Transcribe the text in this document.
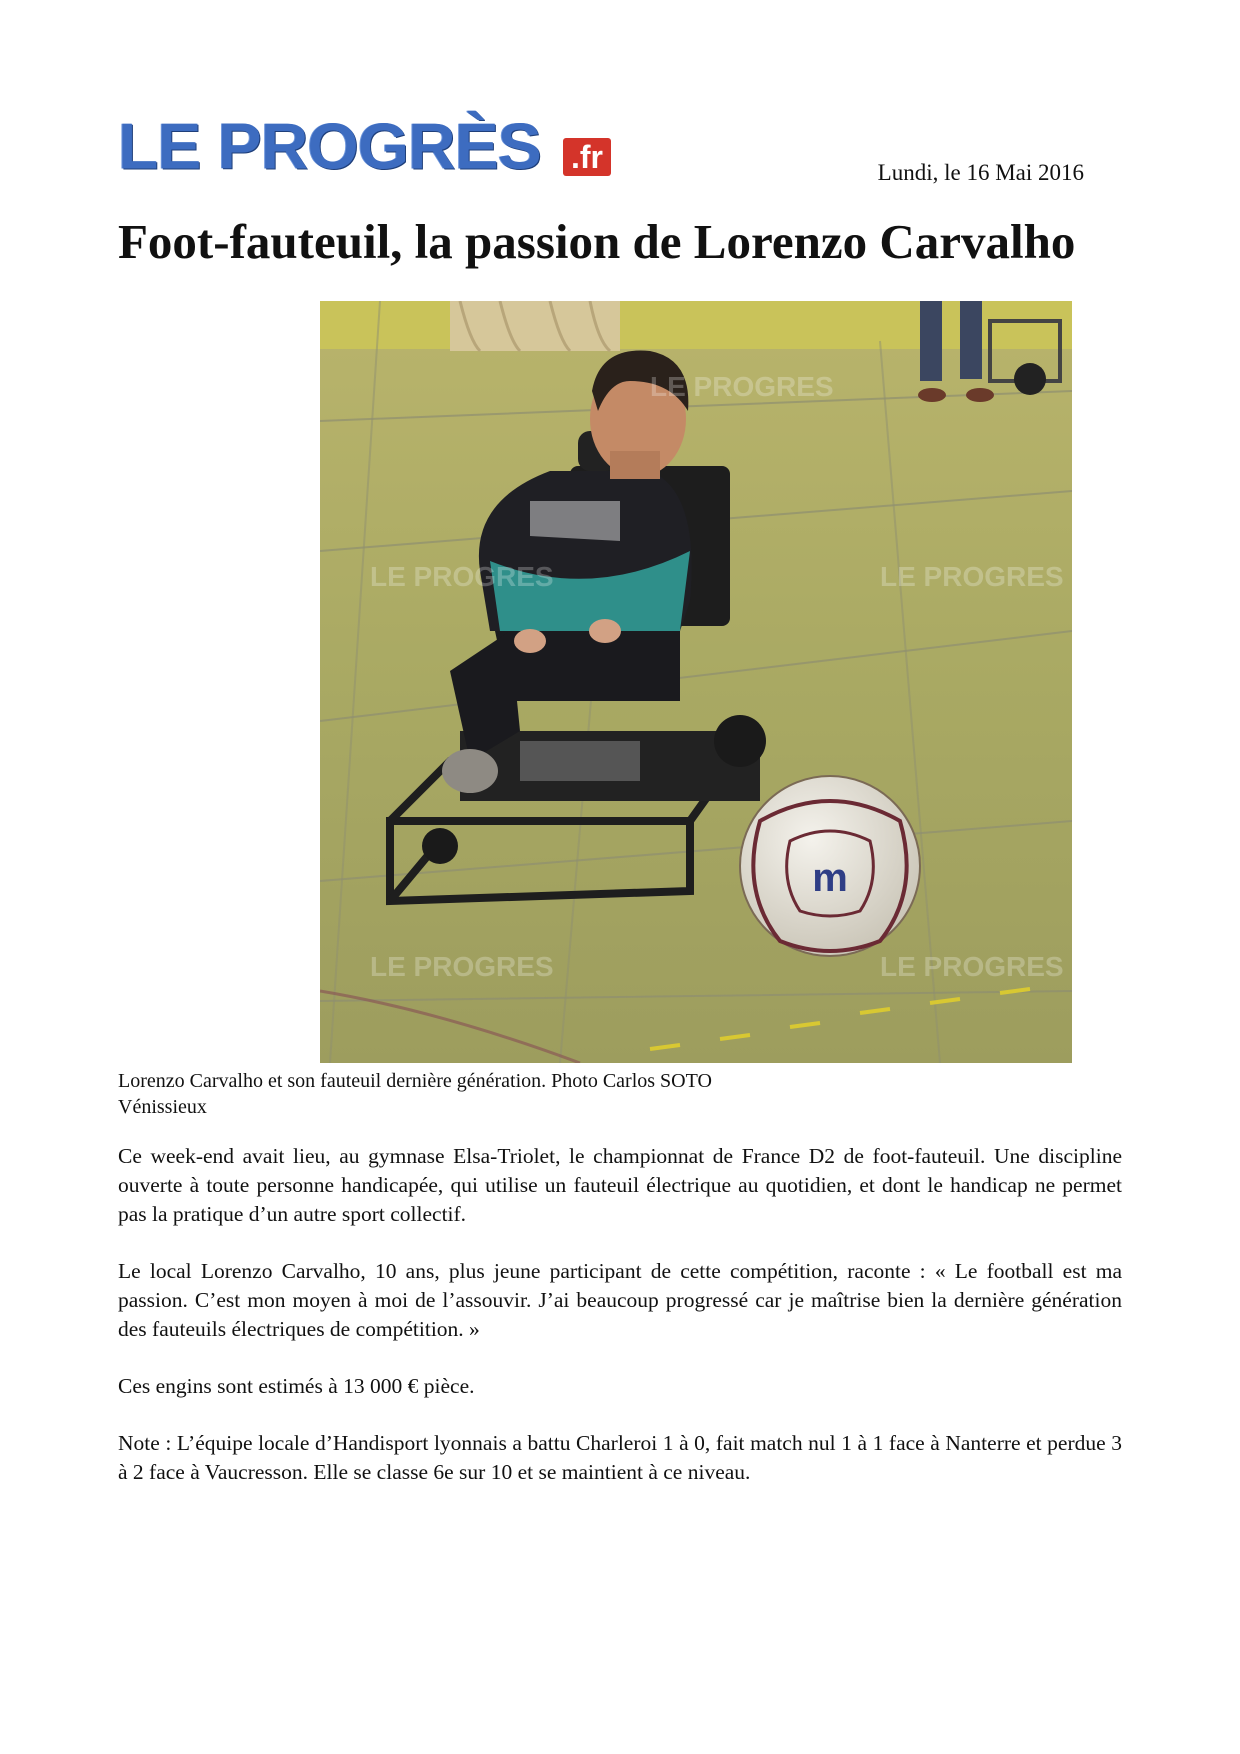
LE PROGRÈS .fr	Lundi, le 16 Mai 2016
Foot-fauteuil, la passion de Lorenzo Carvalho
m
LE PROGRES
LE PROGRES	LE PROGRES
LE PROGRES	LE PROGRES
Lorenzo Carvalho et son fauteuil dernière génération. Photo Carlos SOTO
Vénissieux

Ce week-end avait lieu, au gymnase Elsa-Triolet, le championnat de France D2 de foot-fauteuil. Une discipline ouverte à toute personne handicapée, qui utilise un fauteuil électrique au quotidien, et dont le handicap ne permet pas la pratique d’un autre sport collectif.

Le local Lorenzo Carvalho, 10 ans, plus jeune participant de cette compétition, raconte : « Le football est ma passion. C’est mon moyen à moi de l’assouvir. J’ai beaucoup progressé car je maîtrise bien la dernière génération des fauteuils électriques de compétition. »

Ces engins sont estimés à 13 000 € pièce.

Note : L’équipe locale d’Handisport lyonnais a battu Charleroi 1 à 0, fait match nul 1 à 1 face à Nanterre et perdue 3 à 2 face à Vaucresson. Elle se classe 6e sur 10 et se maintient à ce niveau.
